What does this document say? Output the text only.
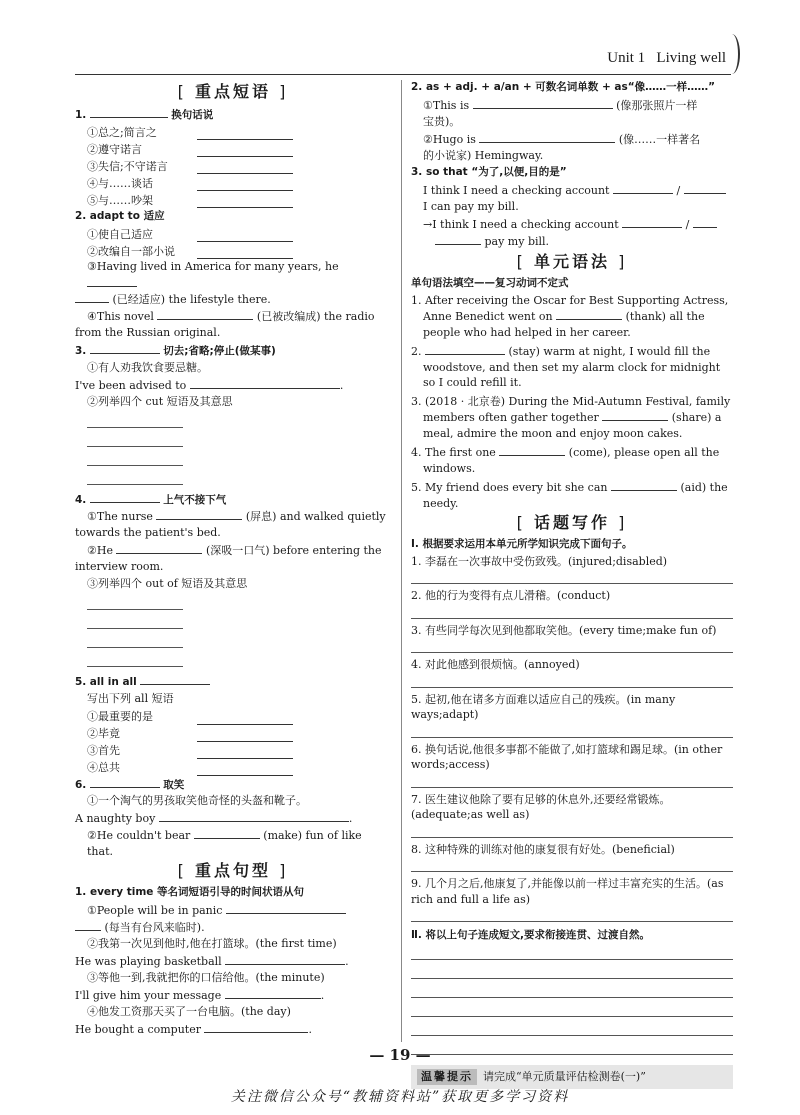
Unit 1 Living well
[ 重点短语 ]
1.	换句话说
①总之;简言之
②遵守诺言
③失信;不守诺言
④与……谈话
⑤与……吵架
2. adapt to 适应
①使自己适应
②改编自一部小说
③Having lived in America for many years, he
(已经适应) the lifestyle there.
④This novel	(已被改编成) the radio
from the Russian original.
3.	切去;省略;停止(做某事)
①有人劝我饮食要忌糖。
I've been advised to	.
②列举四个 cut 短语及其意思
4.	上气不接下气
①The nurse	(屏息) and walked quietly
towards the patient's bed.
②He	(深吸一口气) before entering the
interview room.
③列举四个 out of 短语及其意思
5. all in all
写出下列 all 短语
①最重要的是
②毕竟
③首先
④总共
6.	取笑
①一个淘气的男孩取笑他奇怪的头盔和靴子。
A naughty boy	.
②He couldn't bear	(make) fun of like that.
[ 重点句型 ]
1. every time 等名词短语引导的时间状语从句
①People will be in panic
(每当有台风来临时).
②我第一次见到他时,他在打篮球。(the first time)
He was playing basketball	.
③等他一到,我就把你的口信给他。(the minute)
I'll give him your message	.
④他发工资那天买了一台电脑。(the day)
He bought a computer	.
2. as + adj. + a/an + 可数名词单数 + as“像……一样……”
①This is	(像那张照片一样
宝贵)。
②Hugo is	(像……一样著名
的小说家) Hemingway.
3. so that “为了,以便,目的是”
I think I need a checking account	/
I can pay my bill.
→I think I need a checking account	/
pay my bill.
[ 单元语法 ]
单句语法填空——复习动词不定式
1. After receiving the Oscar for Best Supporting Actress, Anne Benedict went on	(thank) all the people who had helped in her career.
2.	(stay) warm at night, I would fill the woodstove, and then set my alarm clock for midnight so I could refill it.
3. (2018 · 北京卷) During the Mid-Autumn Festival, family members often gather together	(share) a meal, admire the moon and enjoy moon cakes.
4. The first one	(come), please open all the windows.
5. My friend does every bit she can	(aid) the needy.
[ 话题写作 ]
Ⅰ. 根据要求运用本单元所学知识完成下面句子。
1. 李磊在一次事故中受伤致残。(injured;disabled)
2. 他的行为变得有点儿滑稽。(conduct)
3. 有些同学每次见到他都取笑他。(every time;make fun of)
4. 对此他感到很烦恼。(annoyed)
5. 起初,他在诸多方面难以适应自己的残疾。(in many ways;adapt)
6. 换句话说,他很多事都不能做了,如打篮球和踢足球。(in other words;access)
7. 医生建议他除了要有足够的休息外,还要经常锻炼。(adequate;as well as)
8. 这种特殊的训练对他的康复很有好处。(beneficial)
9. 几个月之后,他康复了,并能像以前一样过丰富充实的生活。(as rich and full a life as)
Ⅱ. 将以上句子连成短文,要求衔接连贯、过渡自然。
温馨提示 请完成“单元质量评估检测卷(一)”
— 19 —
关注微信公众号“教辅资料站”获取更多学习资料
